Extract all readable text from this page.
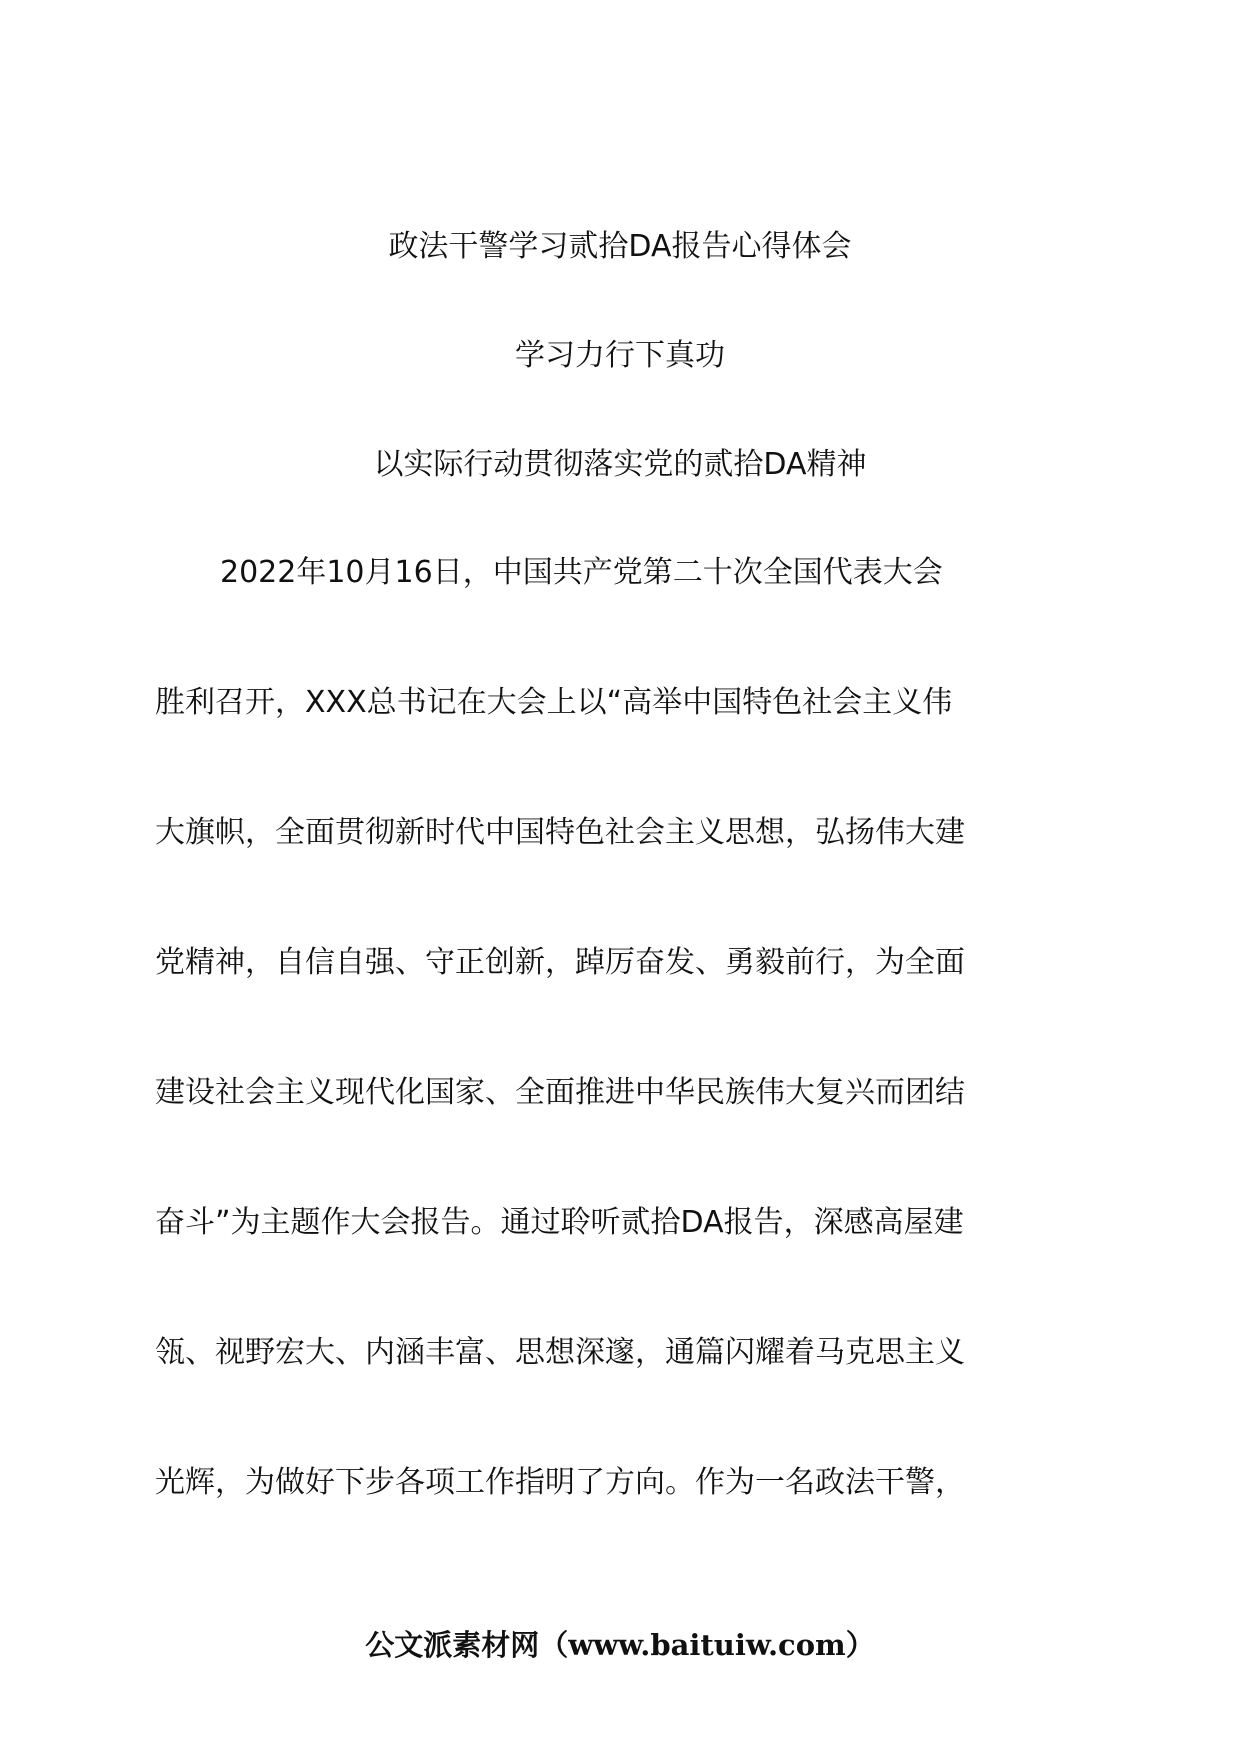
政法干警学习贰拾DA报告心得体会
学习力行下真功
以实际行动贯彻落实党的贰拾DA精神
2022年10月16日，中国共产党第二十次全国代表大会
胜利召开，XXX总书记在大会上以“高举中国特色社会主义伟
大旗帜，全面贯彻新时代中国特色社会主义思想，弘扬伟大建
党精神，自信自强、守正创新，踔厉奋发、勇毅前行，为全面
建设社会主义现代化国家、全面推进中华民族伟大复兴而团结
奋斗”为主题作大会报告。通过聆听贰拾DA报告，深感高屋建
瓴、视野宏大、内涵丰富、思想深邃，通篇闪耀着马克思主义
光辉，为做好下步各项工作指明了方向。作为一名政法干警，
公文派素材网（www.baituiw.com）
